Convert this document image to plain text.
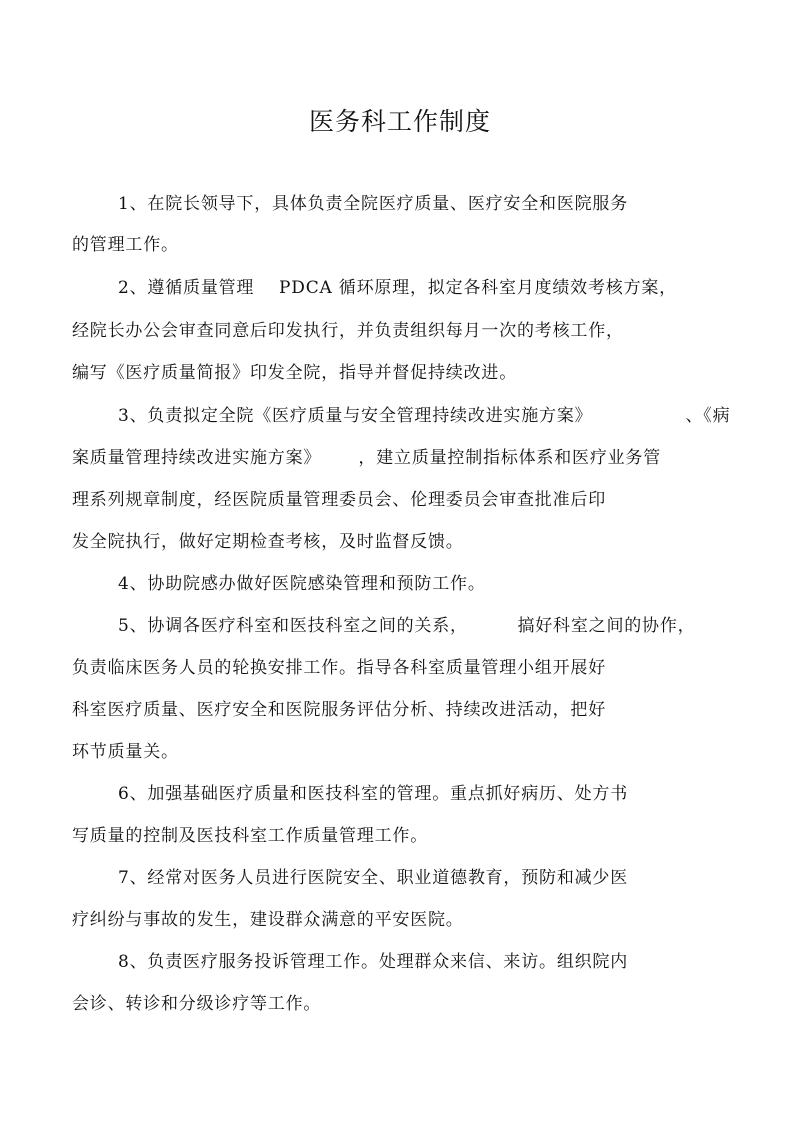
医务科工作制度
1、在院长领导下，具体负责全院医疗质量、医疗安全和医院服务
的管理工作。
2、遵循质量管理    PDCA 循环原理，拟定各科室月度绩效考核方案，
经院长办公会审查同意后印发执行，并负责组织每月一次的考核工作，
编写《医疗质量简报》印发全院，指导并督促持续改进。
3、负责拟定全院《医疗质量与安全管理持续改进实施方案》               、《病
案质量管理持续改进实施方案》      ，建立质量控制指标体系和医疗业务管
理系列规章制度，经医院质量管理委员会、伦理委员会审查批准后印
发全院执行，做好定期检查考核，及时监督反馈。
4、协助院感办做好医院感染管理和预防工作。
5、协调各医疗科室和医技科室之间的关系，        搞好科室之间的协作，
负责临床医务人员的轮换安排工作。指导各科室质量管理小组开展好
科室医疗质量、医疗安全和医院服务评估分析、持续改进活动，把好
环节质量关。
6、加强基础医疗质量和医技科室的管理。重点抓好病历、处方书
写质量的控制及医技科室工作质量管理工作。
7、经常对医务人员进行医院安全、职业道德教育，预防和减少医
疗纠纷与事故的发生，建设群众满意的平安医院。
8、负责医疗服务投诉管理工作。处理群众来信、来访。组织院内
会诊、转诊和分级诊疗等工作。
